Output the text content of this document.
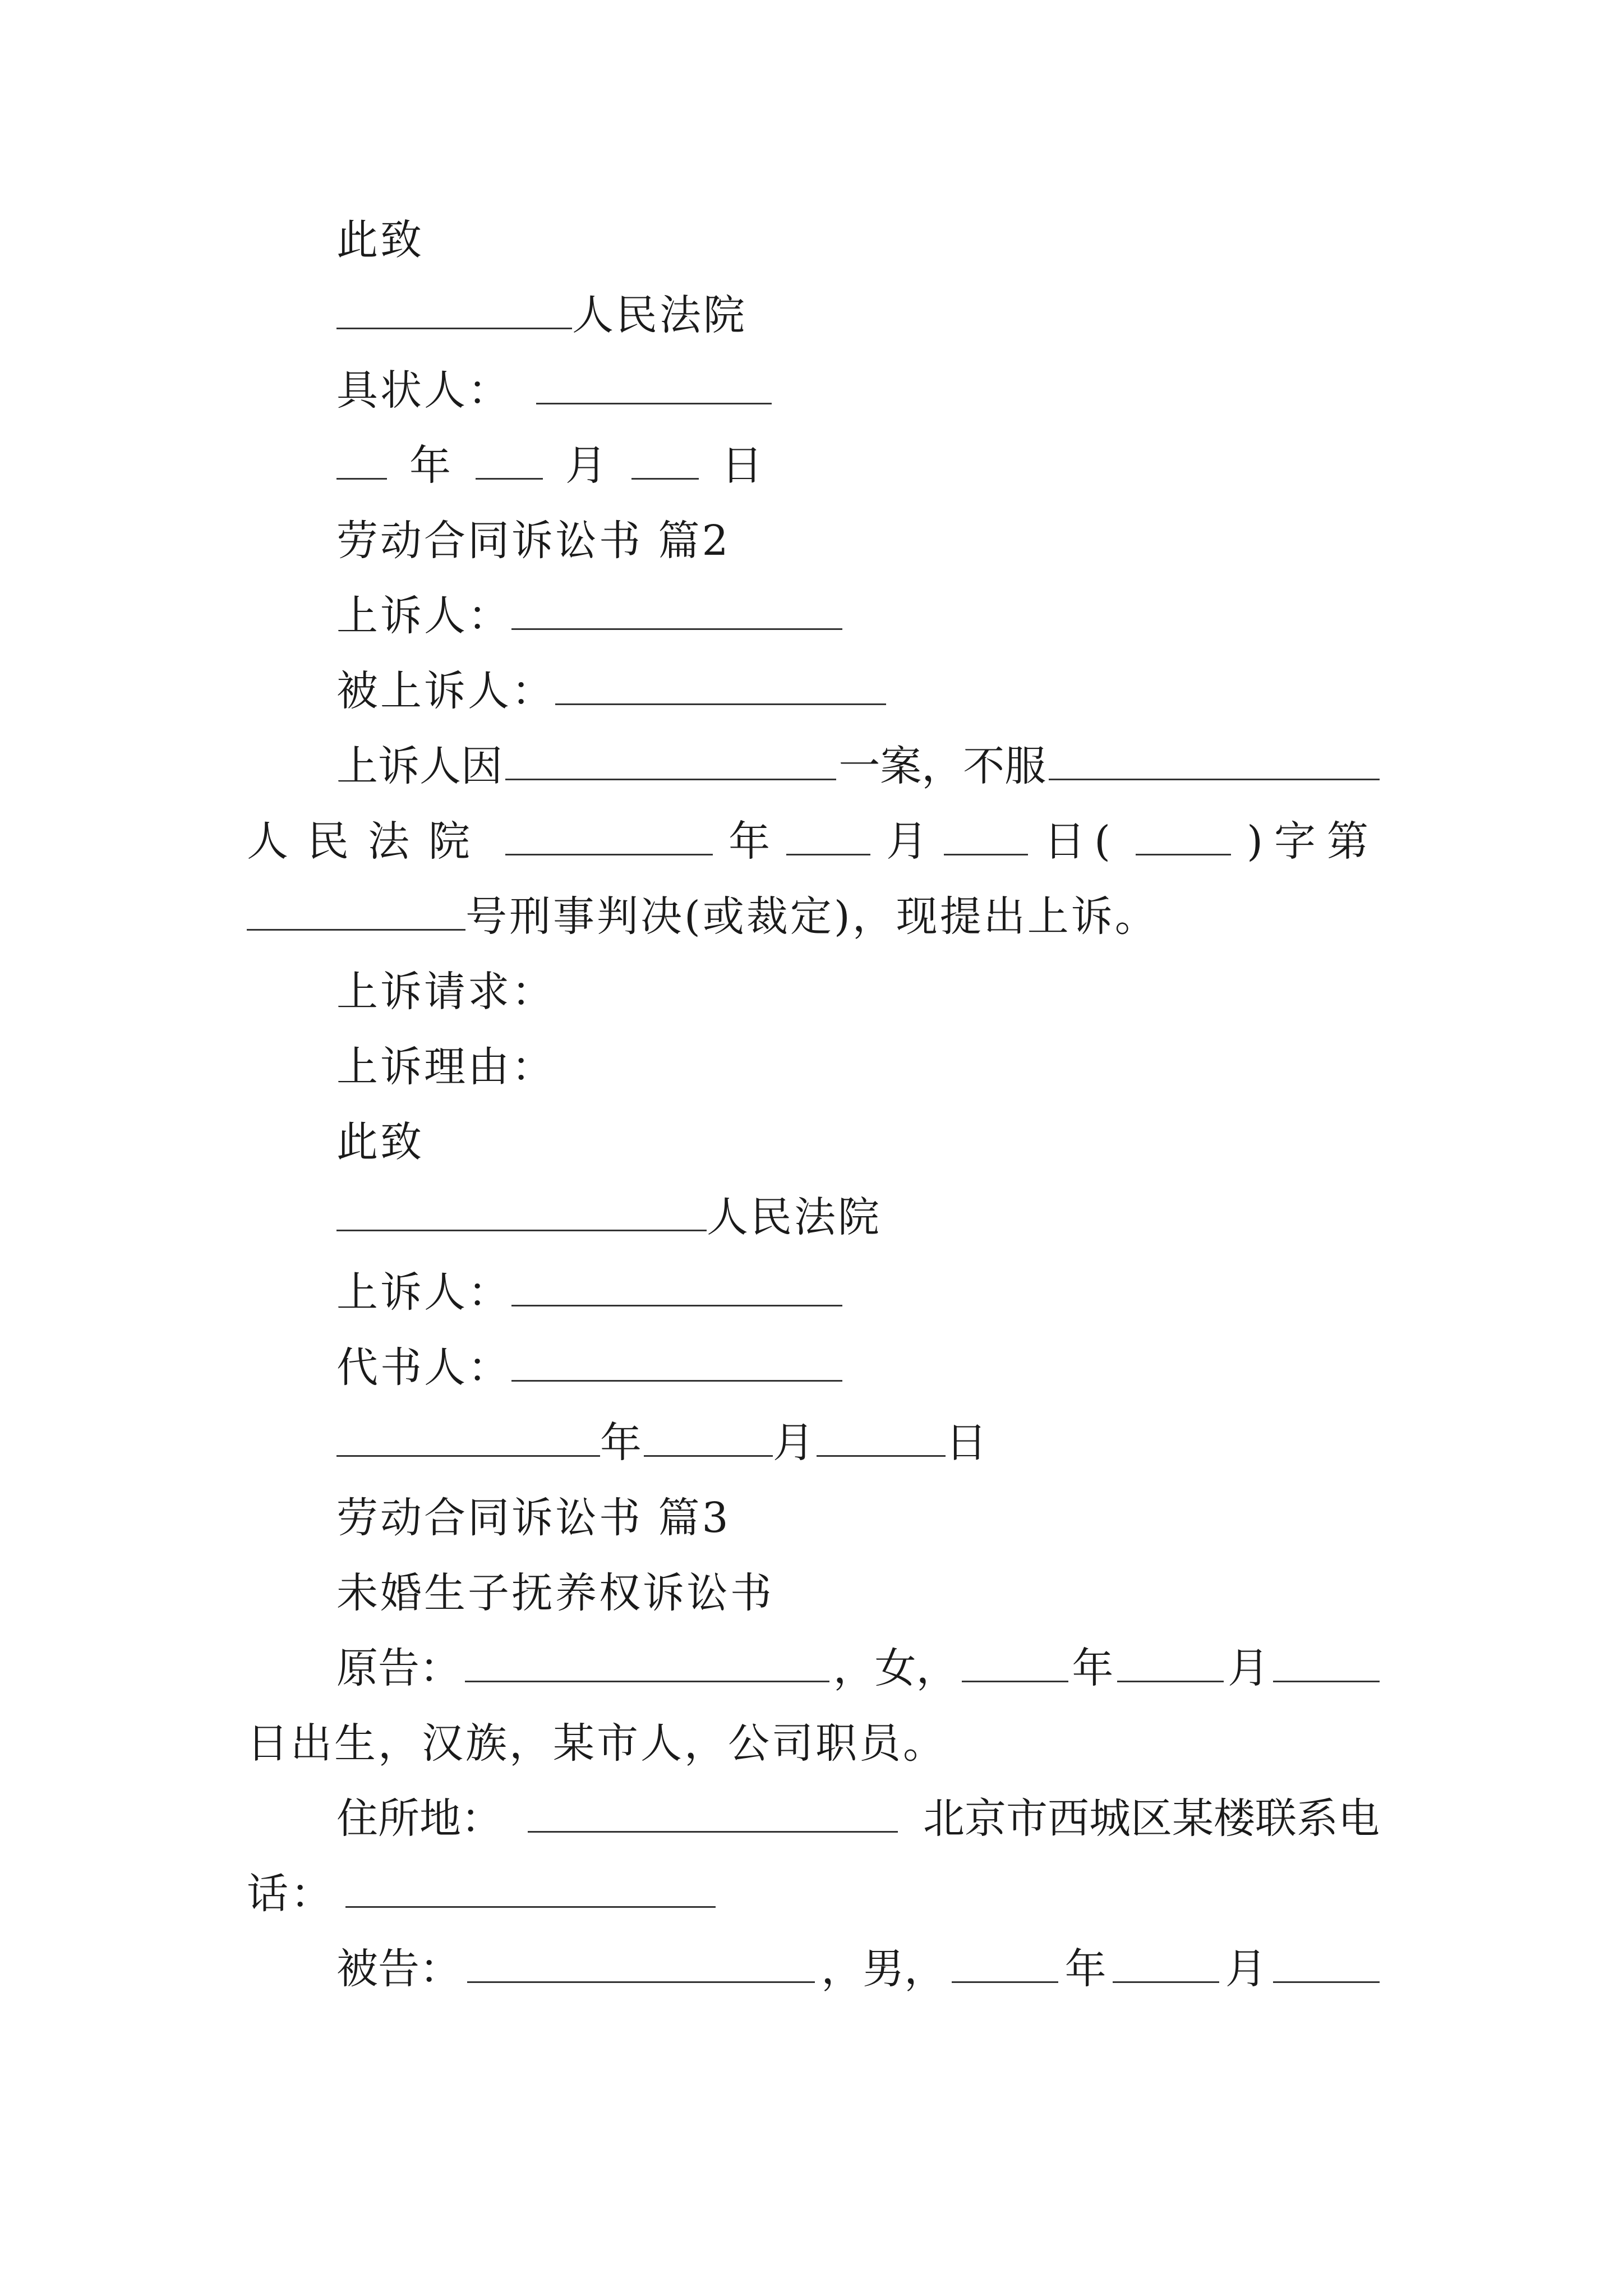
此致
人民法院
具状人：
年	月	日
劳动合同诉讼书 篇2
上诉人：
被上诉人：
上诉人因	一案，不服
人民法院	年	月	日(	)字第
号刑事判决(或裁定)，现提出上诉。
上诉请求：
上诉理由：
此致
人民法院
上诉人：
代书人：
年	月	日
劳动合同诉讼书 篇3
未婚生子抚养权诉讼书
原告：	，女，	年	月
日出生，汉族，某市人，公司职员。
住所地：	北京市西城区某楼联系电
话：
被告：	，男，	年	月
